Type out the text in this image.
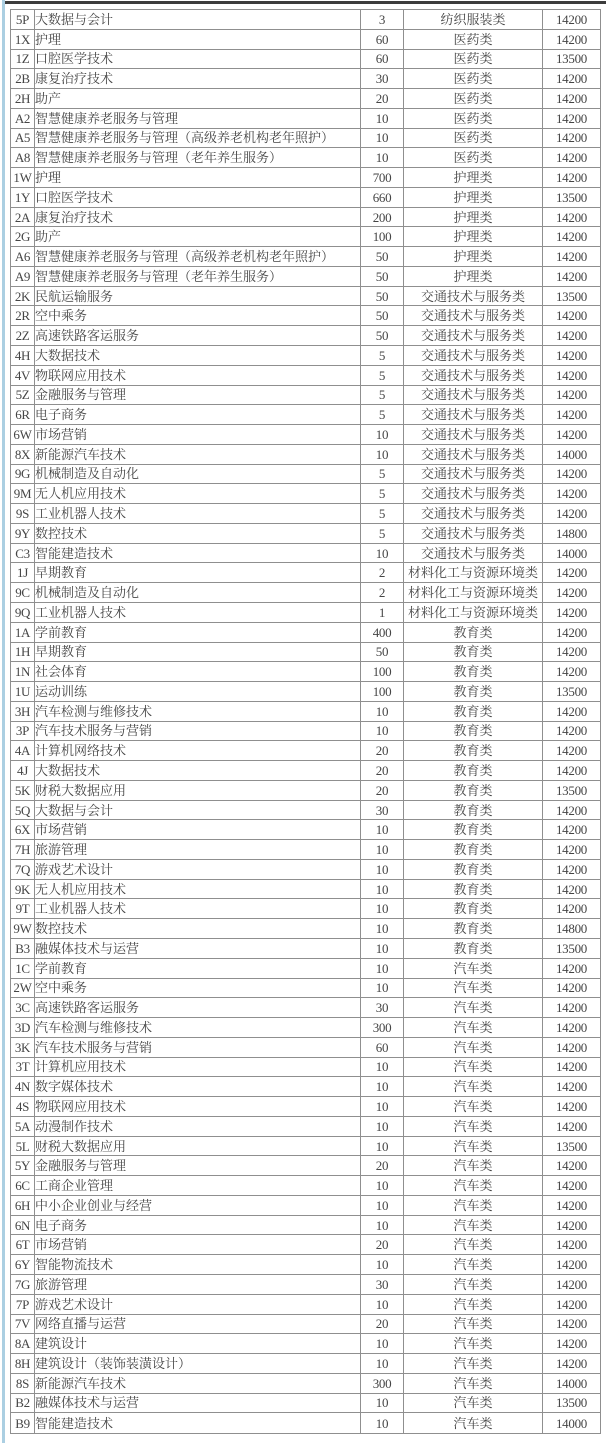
5P	大数据与会计	3	纺织服装类	14200
1X	护理	60	医药类	14200
1Z	口腔医学技术	60	医药类	13500
2B	康复治疗技术	30	医药类	14200
2H	助产	20	医药类	14200
A2	智慧健康养老服务与管理	10	医药类	14200
A5	智慧健康养老服务与管理（高级养老机构老年照护）	10	医药类	14200
A8	智慧健康养老服务与管理（老年养生服务）	10	医药类	14200
1W	护理	700	护理类	14200
1Y	口腔医学技术	660	护理类	13500
2A	康复治疗技术	200	护理类	14200
2G	助产	100	护理类	14200
A6	智慧健康养老服务与管理（高级养老机构老年照护）	50	护理类	14200
A9	智慧健康养老服务与管理（老年养生服务）	50	护理类	14200
2K	民航运输服务	50	交通技术与服务类	13500
2R	空中乘务	50	交通技术与服务类	14200
2Z	高速铁路客运服务	50	交通技术与服务类	14200
4H	大数据技术	5	交通技术与服务类	14200
4V	物联网应用技术	5	交通技术与服务类	14200
5Z	金融服务与管理	5	交通技术与服务类	14200
6R	电子商务	5	交通技术与服务类	14200
6W	市场营销	10	交通技术与服务类	14200
8X	新能源汽车技术	10	交通技术与服务类	14000
9G	机械制造及自动化	5	交通技术与服务类	14200
9M	无人机应用技术	5	交通技术与服务类	14200
9S	工业机器人技术	5	交通技术与服务类	14200
9Y	数控技术	5	交通技术与服务类	14800
C3	智能建造技术	10	交通技术与服务类	14000
1J	早期教育	2	材料化工与资源环境类	14200
9C	机械制造及自动化	2	材料化工与资源环境类	14200
9Q	工业机器人技术	1	材料化工与资源环境类	14200
1A	学前教育	400	教育类	14200
1H	早期教育	50	教育类	14200
1N	社会体育	100	教育类	14200
1U	运动训练	100	教育类	13500
3H	汽车检测与维修技术	10	教育类	14200
3P	汽车技术服务与营销	10	教育类	14200
4A	计算机网络技术	20	教育类	14200
4J	大数据技术	20	教育类	14200
5K	财税大数据应用	20	教育类	13500
5Q	大数据与会计	30	教育类	14200
6X	市场营销	10	教育类	14200
7H	旅游管理	10	教育类	14200
7Q	游戏艺术设计	10	教育类	14200
9K	无人机应用技术	10	教育类	14200
9T	工业机器人技术	10	教育类	14200
9W	数控技术	10	教育类	14800
B3	融媒体技术与运营	10	教育类	13500
1C	学前教育	10	汽车类	14200
2W	空中乘务	10	汽车类	14200
3C	高速铁路客运服务	30	汽车类	14200
3D	汽车检测与维修技术	300	汽车类	14200
3K	汽车技术服务与营销	60	汽车类	14200
3T	计算机应用技术	10	汽车类	14200
4N	数字媒体技术	10	汽车类	14200
4S	物联网应用技术	10	汽车类	14200
5A	动漫制作技术	10	汽车类	14200
5L	财税大数据应用	10	汽车类	13500
5Y	金融服务与管理	20	汽车类	14200
6C	工商企业管理	10	汽车类	14200
6H	中小企业创业与经营	10	汽车类	14200
6N	电子商务	10	汽车类	14200
6T	市场营销	20	汽车类	14200
6Y	智能物流技术	10	汽车类	14200
7G	旅游管理	30	汽车类	14200
7P	游戏艺术设计	10	汽车类	14200
7V	网络直播与运营	20	汽车类	14200
8A	建筑设计	10	汽车类	14200
8H	建筑设计（装饰装潢设计）	10	汽车类	14200
8S	新能源汽车技术	300	汽车类	14000
B2	融媒体技术与运营	10	汽车类	13500
B9	智能建造技术	10	汽车类	14000
